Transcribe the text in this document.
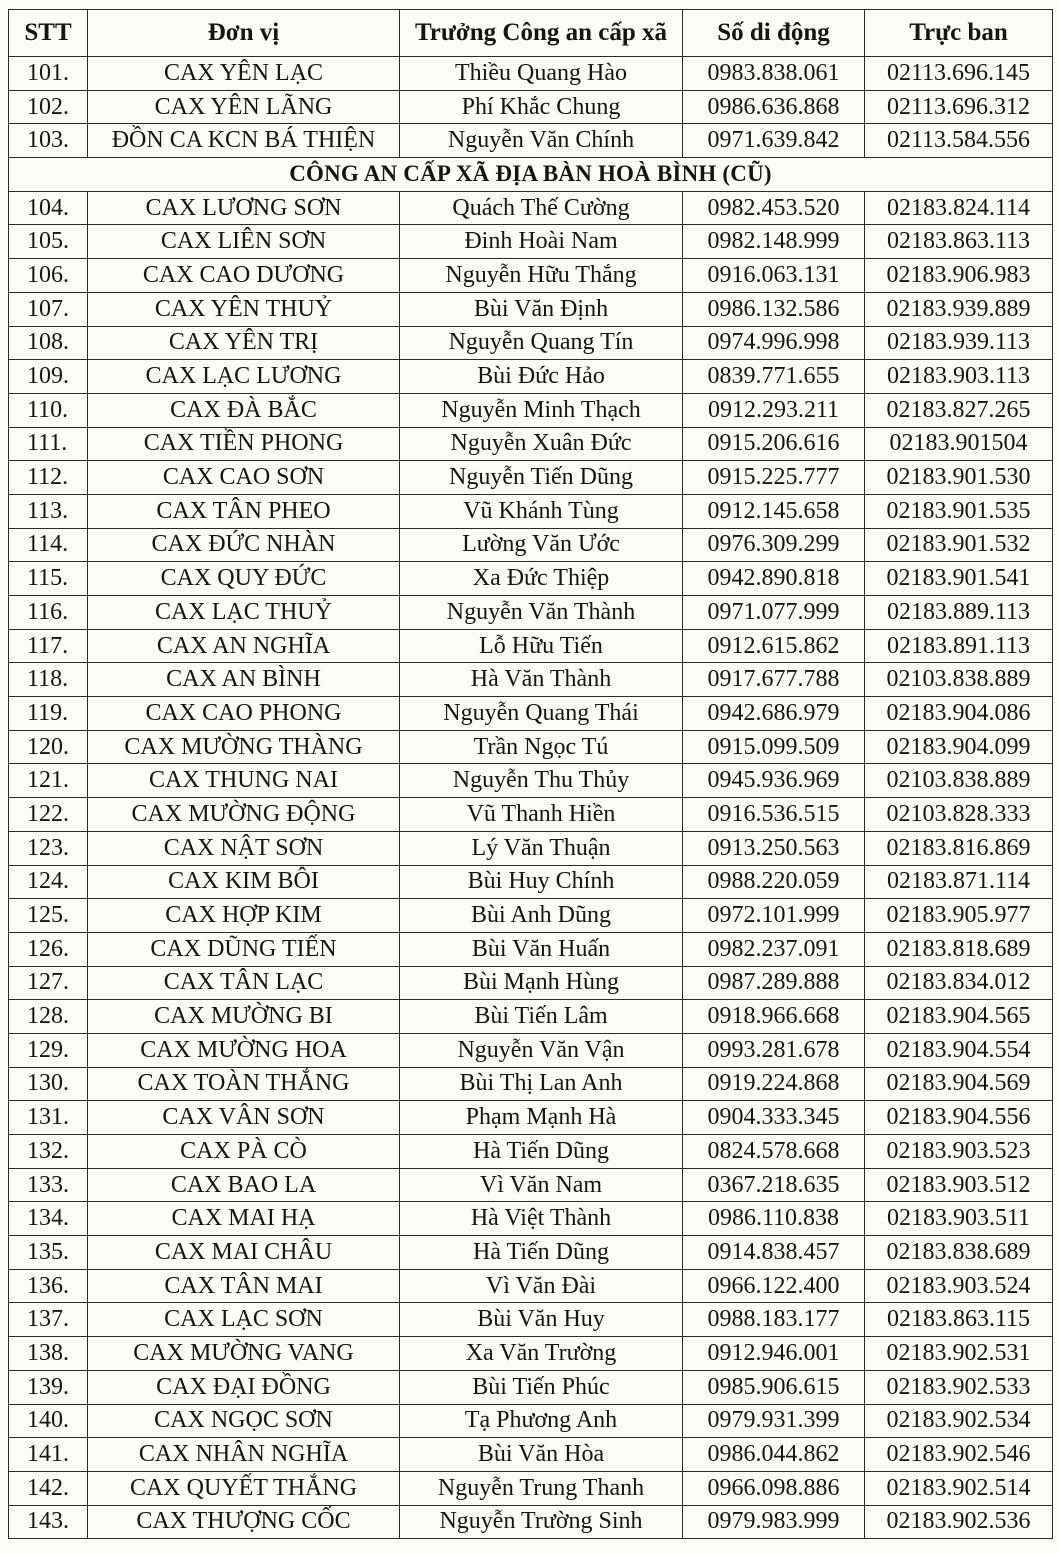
STT	Đơn vị	Trưởng Công an cấp xã	Số di động	Trực ban
101.	CAX YÊN LẠC	Thiều Quang Hào	0983.838.061	02113.696.145
102.	CAX YÊN LÃNG	Phí Khắc Chung	0986.636.868	02113.696.312
103.	ĐỒN CA KCN BÁ THIỆN	Nguyễn Văn Chính	0971.639.842	02113.584.556
CÔNG AN CẤP XÃ ĐỊA BÀN HOÀ BÌNH (CŨ)				
104.	CAX LƯƠNG SƠN	Quách Thế Cường	0982.453.520	02183.824.114
105.	CAX LIÊN SƠN	Đinh Hoài Nam	0982.148.999	02183.863.113
106.	CAX CAO DƯƠNG	Nguyễn Hữu Thắng	0916.063.131	02183.906.983
107.	CAX YÊN THUỶ	Bùi Văn Định	0986.132.586	02183.939.889
108.	CAX YÊN TRỊ	Nguyễn Quang Tín	0974.996.998	02183.939.113
109.	CAX LẠC LƯƠNG	Bùi Đức Hảo	0839.771.655	02183.903.113
110.	CAX ĐÀ BẮC	Nguyễn Minh Thạch	0912.293.211	02183.827.265
111.	CAX TIỀN PHONG	Nguyễn Xuân Đức	0915.206.616	02183.901504
112.	CAX CAO SƠN	Nguyễn Tiến Dũng	0915.225.777	02183.901.530
113.	CAX TÂN PHEO	Vũ Khánh Tùng	0912.145.658	02183.901.535
114.	CAX ĐỨC NHÀN	Lường Văn Ước	0976.309.299	02183.901.532
115.	CAX QUY ĐỨC	Xa Đức Thiệp	0942.890.818	02183.901.541
116.	CAX LẠC THUỶ	Nguyễn Văn Thành	0971.077.999	02183.889.113
117.	CAX AN NGHĨA	Lỗ Hữu Tiến	0912.615.862	02183.891.113
118.	CAX AN BÌNH	Hà Văn Thành	0917.677.788	02103.838.889
119.	CAX CAO PHONG	Nguyễn Quang Thái	0942.686.979	02183.904.086
120.	CAX MƯỜNG THÀNG	Trần Ngọc Tú	0915.099.509	02183.904.099
121.	CAX THUNG NAI	Nguyễn Thu Thủy	0945.936.969	02103.838.889
122.	CAX MƯỜNG ĐỘNG	Vũ Thanh Hiền	0916.536.515	02103.828.333
123.	CAX NẬT SƠN	Lý Văn Thuận	0913.250.563	02183.816.869
124.	CAX KIM BÔI	Bùi Huy Chính	0988.220.059	02183.871.114
125.	CAX HỢP KIM	Bùi Anh Dũng	0972.101.999	02183.905.977
126.	CAX DŨNG TIẾN	Bùi Văn Huấn	0982.237.091	02183.818.689
127.	CAX TÂN LẠC	Bùi Mạnh Hùng	0987.289.888	02183.834.012
128.	CAX MƯỜNG BI	Bùi Tiến Lâm	0918.966.668	02183.904.565
129.	CAX MƯỜNG HOA	Nguyễn Văn Vận	0993.281.678	02183.904.554
130.	CAX TOÀN THẮNG	Bùi Thị Lan Anh	0919.224.868	02183.904.569
131.	CAX VÂN SƠN	Phạm Mạnh Hà	0904.333.345	02183.904.556
132.	CAX PÀ CÒ	Hà Tiến Dũng	0824.578.668	02183.903.523
133.	CAX BAO LA	Vì Văn Nam	0367.218.635	02183.903.512
134.	CAX MAI HẠ	Hà Việt Thành	0986.110.838	02183.903.511
135.	CAX MAI CHÂU	Hà Tiến Dũng	0914.838.457	02183.838.689
136.	CAX TÂN MAI	Vì Văn Đài	0966.122.400	02183.903.524
137.	CAX LẠC SƠN	Bùi Văn Huy	0988.183.177	02183.863.115
138.	CAX MƯỜNG VANG	Xa Văn Trường	0912.946.001	02183.902.531
139.	CAX ĐẠI ĐỒNG	Bùi Tiến Phúc	0985.906.615	02183.902.533
140.	CAX NGỌC SƠN	Tạ Phương Anh	0979.931.399	02183.902.534
141.	CAX NHÂN NGHĨA	Bùi Văn Hòa	0986.044.862	02183.902.546
142.	CAX QUYẾT THẮNG	Nguyễn Trung Thanh	0966.098.886	02183.902.514
143.	CAX THƯỢNG CỐC	Nguyễn Trường Sinh	0979.983.999	02183.902.536
